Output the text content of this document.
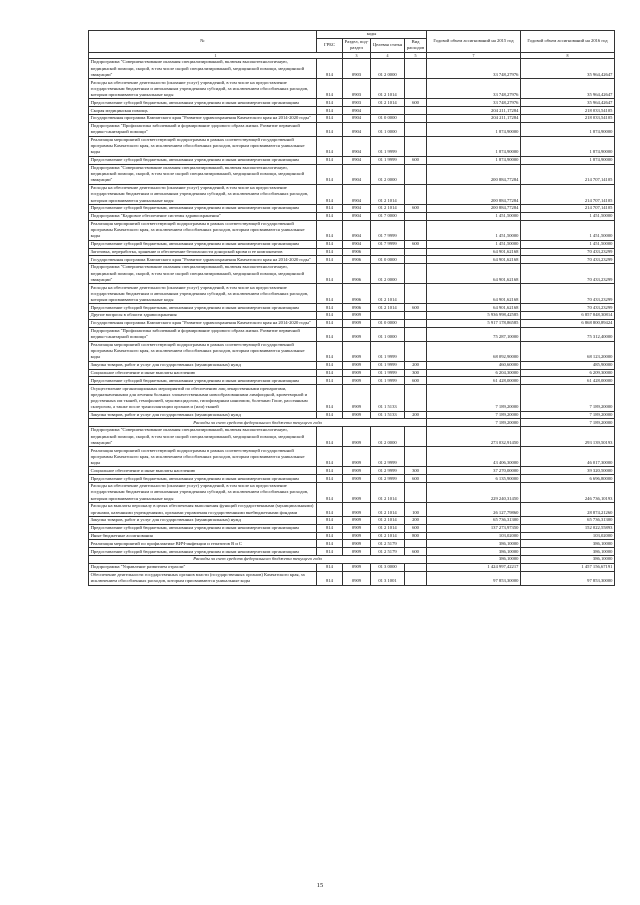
№	коды				Годовой объем ассигнований на 2015 год	Годовой объем ассигнований на 2016 год
	ГРБС	Раздел, под-раздел	Целевая статья	Вид расходов		
1		3	4	5	7	8
Подпрограмма "Совершенствование оказания специализированной, включая высокотехнологичную, медицинской помощи, скорой, в том числе скорой специализированной, медицинской помощи, медицинской эвакуации"	814	0903	01 2 0000		33 748,27976	35 964,42647
Расходы на обеспечение деятельности (оказание услуг) учреждений, в том числе на предоставление государственным бюджетным и автономным учреждениям субсидий, за исключением обособленных расходов, которым присваиваются уникальные коды	814	0903	01 2 1014		33 748,27976	35 964,42647
Предоставление субсидий бюджетным, автономным учреждениям и иным некоммерческим организациям	814	0903	01 2 1014	600	33 748,27976	35 964,42647
Скорая медицинская помощь	814	0904			204 211,17284	218 033,54105
Государственная программа Камчатского края "Развитие здравоохранения Камчатского края на 2014-2020 годы"	814	0904	01 0 0000		204 211,17284	218 033,54105
Подпрограмма "Профилактика заболеваний и формирование здорового образа жизни. Развитие первичной медико-санитарной помощи"	814	0904	01 1 0000		1 874,90000	1 874,90000
Реализация мероприятий соответствующей подпрограммы в рамках соответствующей государственной программы Камчатского края, за исключением обособленных расходов, которым присваиваются уникальные коды	814	0904	01 1 9999		1 874,90000	1 874,90000
Предоставление субсидий бюджетным, автономным учреждениям и иным некоммерческим организациям	814	0904	01 1 9999	600	1 874,90000	1 874,90000
Подпрограмма "Совершенствование оказания специализированной, включая высокотехнологичную, медицинской помощи, скорой, в том числе скорой специализированной, медицинской помощи, медицинской эвакуации"	814	0904	01 2 0000		200 884,77284	214 707,14105
Расходы на обеспечение деятельности (оказание услуг) учреждений, в том числе на предоставление государственным бюджетным и автономным учреждениям субсидий, за исключением обособленных расходов, которым присваиваются уникальные коды	814	0904	01 2 1014		200 884,77284	214 707,14105
Предоставление субсидий бюджетным, автономным учреждениям и иным некоммерческим организациям	814	0904	01 2 1014	600	200 884,77284	214 707,14105
Подпрограмма "Кадровое обеспечение системы здравоохранения"	814	0904	01 7 0000		1 451,50000	1 451,50000
Реализация мероприятий соответствующей подпрограммы в рамках соответствующей государственной программы Камчатского края, за исключением обособленных расходов, которым присваиваются уникальные коды	814	0904	01 7 9999		1 451,50000	1 451,50000
Предоставление субсидий бюджетным, автономным учреждениям и иным некоммерческим организациям	814	0904	01 7 9999	600	1 451,50000	1 451,50000
Заготовка, переработка, хранение и обеспечение безопасности донорской крови и ее компонентов	814	0906			64 901,62168	70 433,23299
Государственная программа Камчатского края "Развитие здравоохранения Камчатского края на 2014-2020 годы"	814	0906	01 0 0000		64 901,62168	70 433,23299
Подпрограмма "Совершенствование оказания специализированной, включая высокотехнологичную, медицинской помощи, скорой, в том числе скорой специализированной, медицинской помощи, медицинской эвакуации"	814	0906	01 2 0000		64 901,62168	70 433,23299
Расходы на обеспечение деятельности (оказание услуг) учреждений, в том числе на предоставление государственным бюджетным и автономным учреждениям субсидий, за исключением обособленных расходов, которым присваиваются уникальные коды	814	0906	01 2 1014		64 901,62168	70 433,23299
Предоставление субсидий бюджетным, автономным учреждениям и иным некоммерческим организациям	814	0906	01 2 1014	600	64 901,62168	70 433,23299
Другие вопросы в области здравоохранения	814	0909			5 936 998,42585	6 857 848,30814
Государственная программа Камчатского края "Развитие здравоохранения Камчатского края на 2014-2020 годы"	814	0909	01 0 0000		5 917 178,86585	6 868 800,89424
Подпрограмма "Профилактика заболеваний и формирование здорового образа жизни. Развитие первичной медико-санитарной помощи"	814	0909	01 1 0000		75 287,10000	75 312,40000
Реализация мероприятий соответствующей подпрограммы в рамках соответствующей государственной программы Камчатского края, за исключением обособленных расходов, которым присваиваются уникальные коды	814	0909	01 1 9999		68 092,90000	68 123,20000
Закупка товаров, работ и услуг для государственных (муниципальных) нужд	814	0909	01 1 9999	200	460,60000	485,90000
Социальное обеспечение и иные выплаты населению	814	0909	01 1 9999	300	6 204,30000	6 209,30000
Предоставление субсидий бюджетным, автономным учреждениям и иным некоммерческим организациям	814	0909	01 1 9999	600	61 428,00000	61 428,00000
Осуществление организационных мероприятий по обеспечению лиц лекарственными препаратами, предназначенными для лечения больных злокачественными новообразованиями лимфоидной, кроветворной и родственных им тканей, гемофилией, муковисцидозом, гипофизарным нанизмом, болезнью Гоше, рассеянным склерозом, а также после трансплантации органов и (или) тканей	814	0909	01 1 5133		7 189,20000	7 189,20000
Закупка товаров, работ и услуг для государственных (муниципальных) нужд	814	0909	01 1 5133	200	7 189,20000	7 189,20000
Расходы за счет средств федерального бюджета текущего года					7 189,20000	7 189,20000
Подпрограмма "Совершенствование оказания специализированной, включая высокотехнологичную, медицинской помощи, скорой, в том числе скорой специализированной, медицинской помощи, медицинской эвакуации"	814	0909	01 2 0000		273 032,91450	293 139,50193
Реализация мероприятий соответствующей подпрограммы в рамках соответствующей государственной программы Камчатского края, за исключением обособленных расходов, которым присваиваются уникальные коды	814	0909	01 2 9999		43 406,30000	46 017,30000
Социальное обеспечение и иные выплаты населению	814	0909	01 2 9999	300	37 270,00000	39 320,50000
Предоставление субсидий бюджетным, автономным учреждениям и иным некоммерческим организациям	814	0909	01 2 9999	600	6 135,90000	6 696,80000
Расходы на обеспечение деятельности (оказание услуг) учреждений, в том числе на предоставление государственным бюджетным и автономным учреждениям субсидий, за исключением обособленных расходов, которым присваиваются уникальные коды	814	0909	01 2 1014		229 240,31450	246 736,10193
Расходы на выплаты персоналу в целях обеспечения выполнения функций государственными (муниципальными) органами, казенными учреждениями, органами управления государственными внебюджетными фондами	814	0909	01 2 1014	100	26 127,79860	28 874,21260
Закупка товаров, работ и услуг для государственных (муниципальных) нужд	814	0909	01 2 1014	200	65 736,31300	65 736,31300
Предоставление субсидий бюджетным, автономным учреждениям и иным некоммерческим организациям	814	0909	01 2 1014	600	137 273,97350	152 022,55893
Иные бюджетные ассигнования	814	0909	01 2 1014	800	103,02000	103,02000
Реализация мероприятий по профилактике ВИЧ-инфекции и гепатитов B и C	814	0909	01 2 5179		386,10000	386,10000
Предоставление субсидий бюджетным, автономным учреждениям и иным некоммерческим организациям	814	0909	01 2 5179	600	386,10000	386,10000
Расходы за счет средств федерального бюджета текущего года					386,10000	386,10000
Подпрограмма "Управление развитием отрасли"	814	0909	01 3 0000		1 424 997,42217	1 457 156,67191
Обеспечение деятельности государственных органов власти (государственных органов) Камчатского края, за исключением обособленных расходов, которым присваиваются уникальные коды	814	0909	01 3 1001		97 853,30000	97 853,30000
15
